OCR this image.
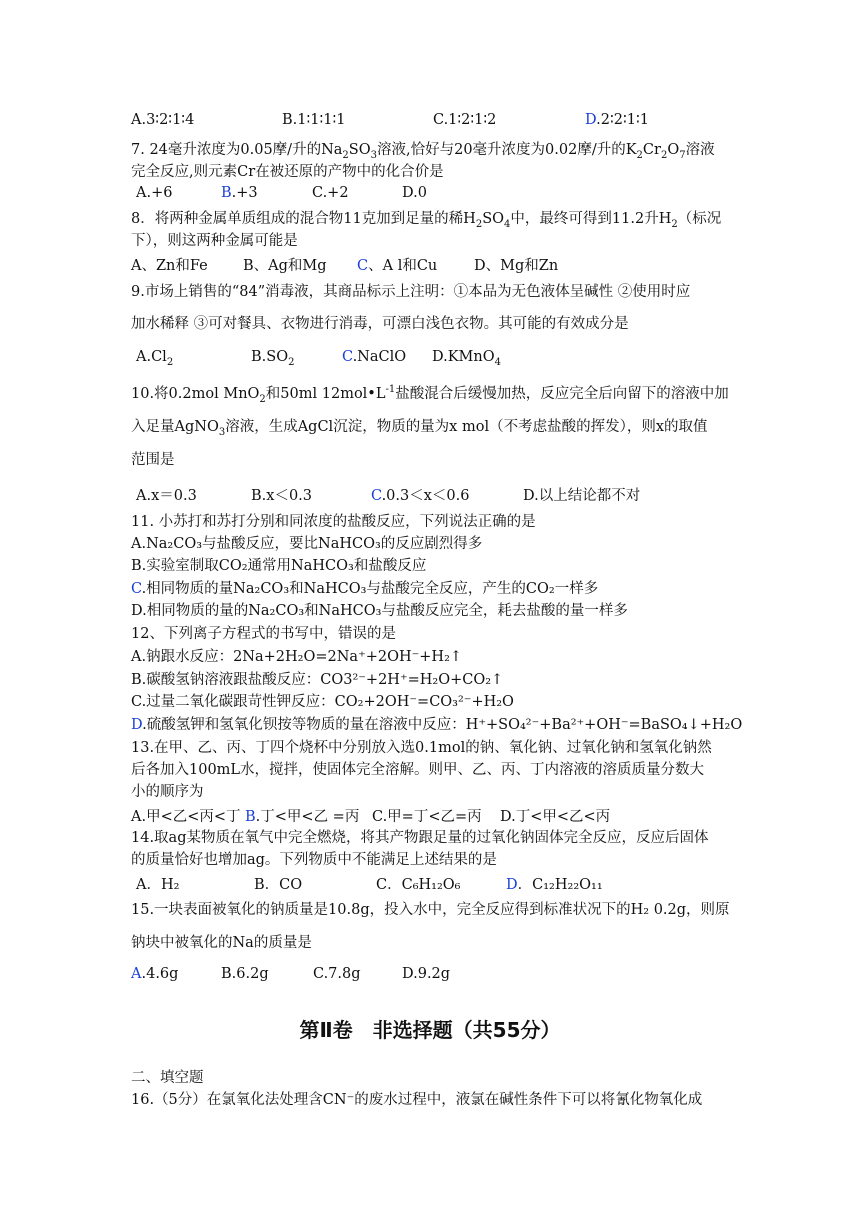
A.3∶2∶1∶4	B.1∶1∶1∶1	C.1∶2∶1∶2	D.2∶2∶1∶1
7. 24毫升浓度为0.05摩/升的$Na_2SO_3$溶液,恰好与20毫升浓度为0.02摩/升的$K_2Cr_2O_7$溶液
完全反应,则元素Cr在被还原的产物中的化合价是
A.+6	B.+3	C.+2	D.0
8．将两种金属单质组成的混合物11克加到足量的稀$H_2SO_4$中，最终可得到11.2升$H_2$（标况
下），则这两种金属可能是
A、Zn和Fe B、Ag和Mg C、A l和Cu	D、Mg和Zn
9.市场上销售的“84”消毒液，其商品标示上注明：①本品为无色液体呈碱性 ②使用时应
加水稀释 ③可对餐具、衣物进行消毒，可漂白浅色衣物。其可能的有效成分是
$A.Cl_2$	$B.SO_2$	C.NaClO D.KMnO$_4$
10.将0.2mol MnO$_2$和50ml $12mol•L^{-1}$盐酸混合后缓慢加热，反应完全后向留下的溶液中加
入足量AgNO$_3$溶液，生成AgCl沉淀，物质的量为x mol（不考虑盐酸的挥发），则x的取值
范围是
A.x＝0.3	B.x＜0.3	C.0.3＜x＜0.6	D.以上结论都不对
11. 小苏打和苏打分别和同浓度的盐酸反应，下列说法正确的是
A.Na₂CO₃与盐酸反应，要比NaHCO₃的反应剧烈得多
B.实验室制取CO₂通常用NaHCO₃和盐酸反应
C.相同物质的量Na₂CO₃和NaHCO₃与盐酸完全反应，产生的CO₂一样多
D.相同物质的量的Na₂CO₃和NaHCO₃与盐酸反应完全，耗去盐酸的量一样多
12、下列离子方程式的书写中，错误的是
A.钠跟水反应：2Na+2H₂O=2Na⁺+2OH⁻+H₂↑
B.碳酸氢钠溶液跟盐酸反应：CO3²⁻+2H⁺=H₂O+CO₂↑
C.过量二氧化碳跟苛性钾反应：CO₂+2OH⁻=CO₃²⁻+H₂O
D.硫酸氢钾和氢氧化钡按等物质的量在溶液中反应：H⁺+SO₄²⁻+Ba²⁺+OH⁻=BaSO₄↓+H₂O
13.在甲、乙、丙、丁四个烧杯中分别放入选0.1mol的钠、氧化钠、过氧化钠和氢氧化钠然
后各加入100mL水，搅拌，使固体完全溶解。则甲、乙、丙、丁内溶液的溶质质量分数大
小的顺序为
A.甲<乙<丙<丁 B.丁<甲<乙 =丙 C.甲=丁<乙=丙 D.丁<甲<乙<丙
14.取ag某物质在氧气中完全燃烧，将其产物跟足量的过氧化钠固体完全反应，反应后固体
的质量恰好也增加ag。下列物质中不能满足上述结果的是
A．H₂	B．CO	C．C₆H₁₂O₆	D．C₁₂H₂₂O₁₁
15.一块表面被氧化的钠质量是10.8g，投入水中，完全反应得到标准状况下的H₂ 0.2g，则原
钠块中被氧化的Na的质量是
A.4.6g	B.6.2g	C.7.8g	D.9.2g
第Ⅱ卷　非选择题（共55分）
二、填空题
16.（5分）在氯氧化法处理含CN⁻的废水过程中，液氯在碱性条件下可以将氰化物氧化成
